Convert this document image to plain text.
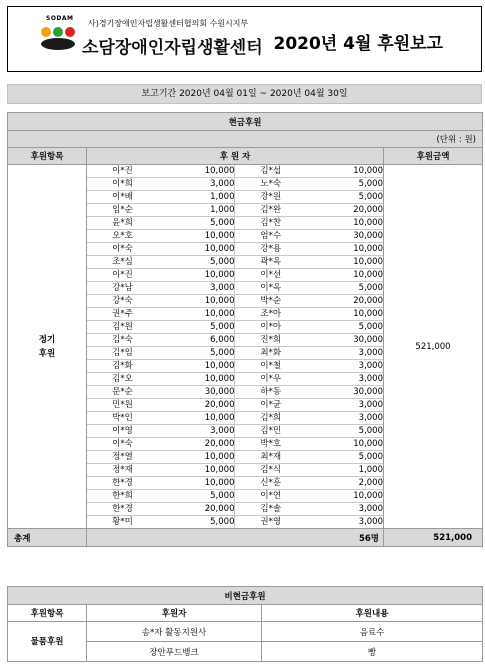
SODAM
사)경기장애인자립생활센터협의회 수원시지부
소담장애인자립생활센터 2020년 4월 후원보고
보고기간 2020년 04월 01일 ~ 2020년 04월 30일
현금후원
(단위 : 원)
후원항목	후 원 자	후원금액

정기
후원

이*진	10,000	김*섭	10,000
이*희	3,000	노*숙	5,000
이*배	1,000	강*원	5,000
임*순	1,000	김*완	20,000
윤*희	5,000	김*찬	10,000
오*호	10,000	엄*수	30,000
이*숙	10,000	강*용	10,000
조*심	5,000	곽*옥	10,000
이*진	10,000	이*선	10,000
강*남	3,000	이*옥	5,000
강*숙	10,000	박*순	20,000
권*주	10,000	조*아	10,000
김*원	5,000	이*아	5,000
김*숙	6,000	진*희	30,000
김*임	5,000	최*화	3,000
김*화	10,000	이*철	3,000
김*오	10,000	이*우	3,000
문*순	30,000	하*동	30,000
민*원	20,000	이*균	3,000
박*인	10,000	김*희	3,000
이*영	3,000	김*민	5,000
이*숙	20,000	박*호	10,000
정*열	10,000	최*재	5,000
정*재	10,000	김*식	1,000
한*경	10,000	신*훈	2,000
한*희	5,000	이*연	10,000
한*경	20,000	김*솔	3,000
황*미	5,000	권*영	3,000
	521,000
총계	56명	521,000
비현금후원		
후원항목	후원자	후원내용
물품후원	송*자 활동지원사	음료수
	장안푸드뱅크	빵
